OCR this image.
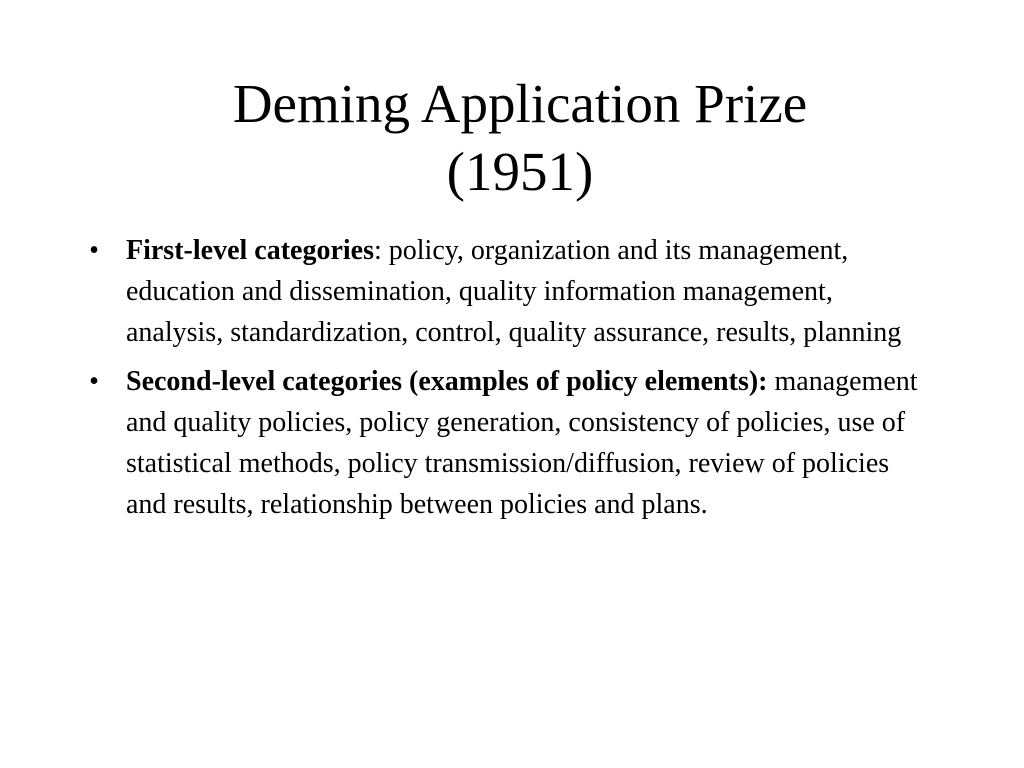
Deming Application Prize
(1951)
• First-level categories: policy, organization and its management, education and dissemination, quality information management, analysis, standardization, control, quality assurance, results, planning
• Second-level categories (examples of policy elements): management and quality policies, policy generation, consistency of policies, use of statistical methods, policy transmission/diffusion, review of policies and results, relationship between policies and plans.
